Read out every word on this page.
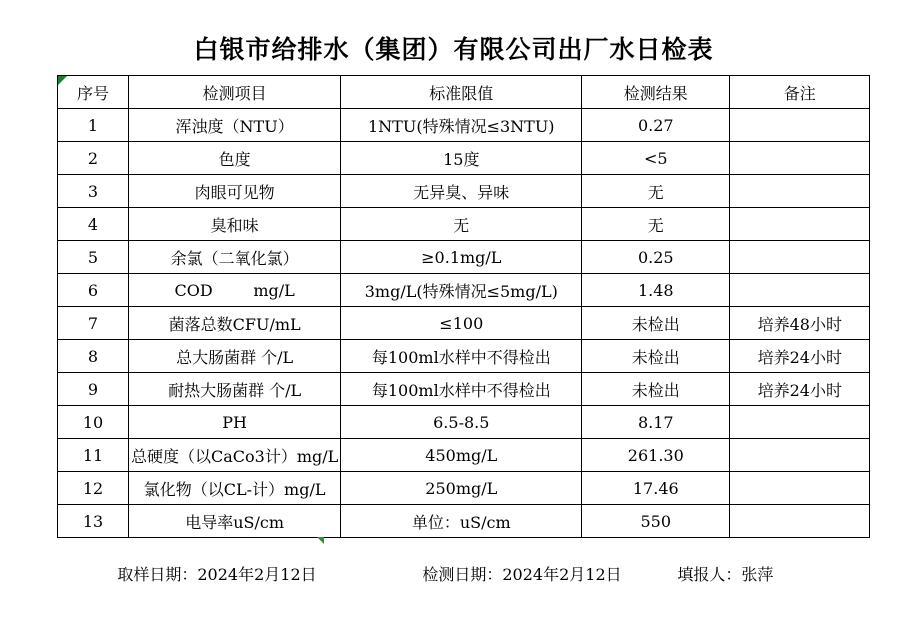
白银市给排水（集团）有限公司出厂水日检表
序号	检测项目	标准限值	检测结果	备注
1	浑浊度（NTU）	1NTU(特殊情况≤3NTU)	0.27	
2	色度	15度	<5	
3	肉眼可见物	无异臭、异味	无	
4	臭和味	无	无	
5	余氯（二氧化氯）	≥0.1mg/L	0.25	
6	COD        mg/L	3mg/L(特殊情况≤5mg/L)	1.48	
7	菌落总数CFU/mL	≤100	未检出	培养48小时
8	总大肠菌群 个/L	每100ml水样中不得检出	未检出	培养24小时
9	耐热大肠菌群 个/L	每100ml水样中不得检出	未检出	培养24小时
10	PH	6.5-8.5	8.17	
11	总硬度（以CaCo3计）mg/L	450mg/L	261.30	
12	氯化物（以CL-计）mg/L	250mg/L	17.46	
13	电导率uS/cm	单位：uS/cm	550	

取样日期：2024年2月12日
	检测日期：2024年2月12日
	填报人：张萍
